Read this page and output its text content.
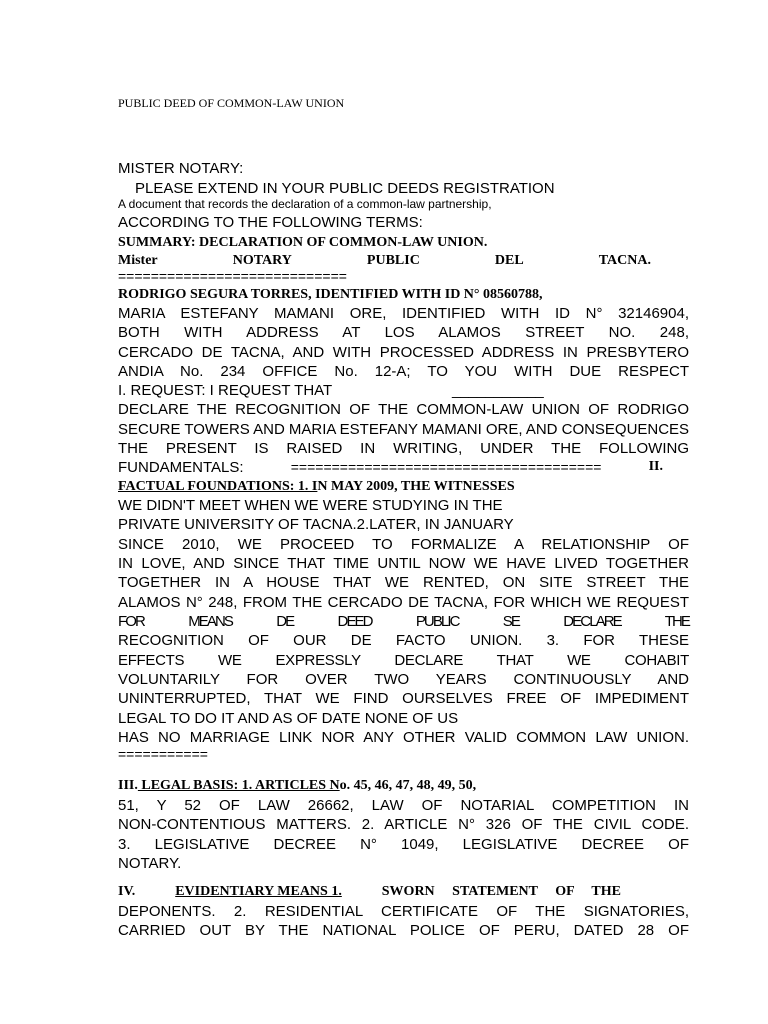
PUBLIC DEED OF COMMON-LAW UNION
MISTER NOTARY:
PLEASE EXTEND IN YOUR PUBLIC DEEDS REGISTRATION
A document that records the declaration of a common-law partnership,
ACCORDING TO THE FOLLOWING TERMS:
SUMMARY: DECLARATION OF COMMON-LAW UNION.
Mister	NOTARY	PUBLIC	DEL	TACNA.
============================
RODRIGO SEGURA TORRES, IDENTIFIED WITH ID N° 08560788,
MARIA ESTEFANY MAMANI ORE, IDENTIFIED WITH ID N° 32146904,
BOTH WITH ADDRESS AT LOS ALAMOS STREET NO. 248,
CERCADO DE TACNA, AND WITH PROCESSED ADDRESS IN PRESBYTERO
ANDIA No. 234 OFFICE No. 12-A; TO YOU WITH DUE RESPECT
I. REQUEST: I REQUEST THAT	___________
DECLARE THE RECOGNITION OF THE COMMON-LAW UNION OF RODRIGO
SECURE TOWERS AND MARIA ESTEFANY MAMANI ORE, AND CONSEQUENCES
THE PRESENT IS RAISED IN WRITING, UNDER THE FOLLOWING
FUNDAMENTALS:	======================================	II.
FACTUAL FOUNDATIONS: 1. IN MAY 2009, THE WITNESSES
WE DIDN'T MEET WHEN WE WERE STUDYING IN THE
PRIVATE UNIVERSITY OF TACNA.2.LATER, IN JANUARY
SINCE 2010, WE PROCEED TO FORMALIZE A RELATIONSHIP OF
IN LOVE, AND SINCE THAT TIME UNTIL NOW WE HAVE LIVED TOGETHER
TOGETHER IN A HOUSE THAT WE RENTED, ON SITE STREET THE
ALAMOS N° 248, FROM THE CERCADO DE TACNA, FOR WHICH WE REQUEST
FOR MEANS DE DEED PUBLIC SE DECLARE THE
RECOGNITION OF OUR DE FACTO UNION. 3. FOR THESE
EFFECTS WE EXPRESSLY DECLARE THAT WE COHABIT
VOLUNTARILY FOR OVER TWO YEARS CONTINUOUSLY AND
UNINTERRUPTED, THAT WE FIND OURSELVES FREE OF IMPEDIMENT
LEGAL TO DO IT AND AS OF DATE NONE OF US
HAS NO MARRIAGE LINK NOR ANY OTHER VALID COMMON LAW UNION.
===========
III. LEGAL BASIS: 1. ARTICLES No. 45, 46, 47, 48, 49, 50,
51, Y 52 OF LAW 26662, LAW OF NOTARIAL COMPETITION IN
NON-CONTENTIOUS MATTERS. 2. ARTICLE N° 326 OF THE CIVIL CODE.
3. LEGISLATIVE DECREE N° 1049, LEGISLATIVE DECREE OF
NOTARY.
IV.	EVIDENTIARY MEANS 1.	SWORN STATEMENT OF THE
DEPONENTS. 2. RESIDENTIAL CERTIFICATE OF THE SIGNATORIES,
CARRIED OUT BY THE NATIONAL POLICE OF PERU, DATED 28 OF
